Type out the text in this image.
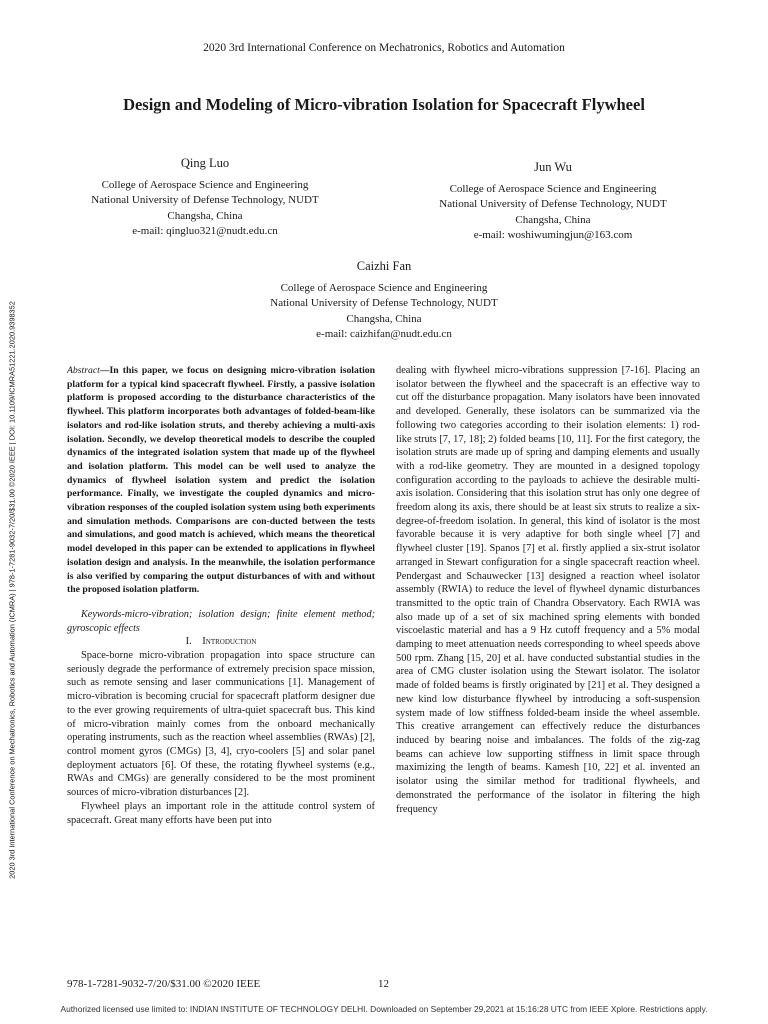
2020 3rd International Conference on Mechatronics, Robotics and Automation
Design and Modeling of Micro-vibration Isolation for Spacecraft Flywheel
Qing Luo
College of Aerospace Science and Engineering
National University of Defense Technology, NUDT
Changsha, China
e-mail: qingluo321@nudt.edu.cn
Jun Wu
College of Aerospace Science and Engineering
National University of Defense Technology, NUDT
Changsha, China
e-mail: woshiwumingjun@163.com
Caizhi Fan
College of Aerospace Science and Engineering
National University of Defense Technology, NUDT
Changsha, China
e-mail: caizhifan@nudt.edu.cn
2020 3rd International Conference on Mechatronics, Robotics and Automation (ICMRA) | 978-1-7281-9032-7/20/$31.00 ©2020 IEEE | DOI: 10.1109/ICMRA51221.2020.9398352	Abstract—In this paper, we focus on designing micro-vibration isolation platform for a typical kind spacecraft flywheel. Firstly, a passive isolation platform is proposed according to the disturbance characteristics of the flywheel. This platform incorporates both advantages of folded-beam-like isolators and rod-like isolation struts, and thereby achieving a multi-axis isolation. Secondly, we develop theoretical models to describe the coupled dynamics of the integrated isolation system that made up of the flywheel and isolation platform. This model can be well used to analyze the dynamics of flywheel isolation system and predict the isolation performance. Finally, we investigate the coupled dynamics and micro-vibration responses of the coupled isolation system using both experiments and simulation methods. Comparisons are con-ducted between the tests and simulations, and good match is achieved, which means the theoretical model developed in this paper can be extended to applications in flywheel isolation design and analysis. In the meanwhile, the isolation performance is also verified by comparing the output disturbances of with and without the proposed isolation platform.

Keywords-micro-vibration; isolation design; finite element method; gyroscopic effects

I. Introduction

Space-borne micro-vibration propagation into space structure can seriously degrade the performance of extremely precision space mission, such as remote sensing and laser communications [1]. Management of micro-vibration is becoming crucial for spacecraft platform designer due to the ever growing requirements of ultra-quiet spacecraft bus. This kind of micro-vibration mainly comes from the onboard mechanically operating instruments, such as the reaction wheel assemblies (RWAs) [2], control moment gyros (CMGs) [3, 4], cryo-coolers [5] and solar panel deployment actuators [6]. Of these, the rotating flywheel systems (e.g., RWAs and CMGs) are generally considered to be the most prominent sources of micro-vibration disturbances [2].

Flywheel plays an important role in the attitude control system of spacecraft. Great many efforts have been put into

dealing with flywheel micro-vibrations suppression [7-16]. Placing an isolator between the flywheel and the spacecraft is an effective way to cut off the disturbance propagation. Many isolators have been innovated and developed. Generally, these isolators can be summarized via the following two categories according to their isolation elements: 1) rod-like struts [7, 17, 18]; 2) folded beams [10, 11]. For the first category, the isolation struts are made up of spring and damping elements and usually with a rod-like geometry. They are mounted in a designed topology configuration according to the payloads to achieve the desirable multi-axis isolation. Considering that this isolation strut has only one degree of freedom along its axis, there should be at least six struts to realize a six-degree-of-freedom isolation. In general, this kind of isolator is the most favorable because it is very adaptive for both single wheel [7] and flywheel cluster [19]. Spanos [7] et al. firstly applied a six-strut isolator arranged in Stewart configuration for a single spacecraft reaction wheel. Pendergast and Schauwecker [13] designed a reaction wheel isolator assembly (RWIA) to reduce the level of flywheel dynamic disturbances transmitted to the optic train of Chandra Observatory. Each RWIA was also made up of a set of six machined spring elements with bonded viscoelastic material and has a 9 Hz cutoff frequency and a 5% modal damping to meet attenuation needs corresponding to wheel speeds above 500 rpm. Zhang [15, 20] et al. have conducted substantial studies in the area of CMG cluster isolation using the Stewart isolator. The isolator made of folded beams is firstly originated by [21] et al. They designed a new kind low disturbance flywheel by introducing a soft-suspension system made of low stiffness folded-beam inside the wheel assemble. This creative arrangement can effectively reduce the disturbances induced by bearing noise and imbalances. The folds of the zig-zag beams can achieve low supporting stiffness in limit space through maximizing the length of beams. Kamesh [10, 22] et al. invented an isolator using the similar method for traditional flywheels, and demonstrated the performance of the isolator in filtering the high frequency

978-1-7281-9032-7/20/$31.00 ©2020 IEEE	12
Authorized licensed use limited to: INDIAN INSTITUTE OF TECHNOLOGY DELHI. Downloaded on September 29,2021 at 15:16:28 UTC from IEEE Xplore. Restrictions apply.
